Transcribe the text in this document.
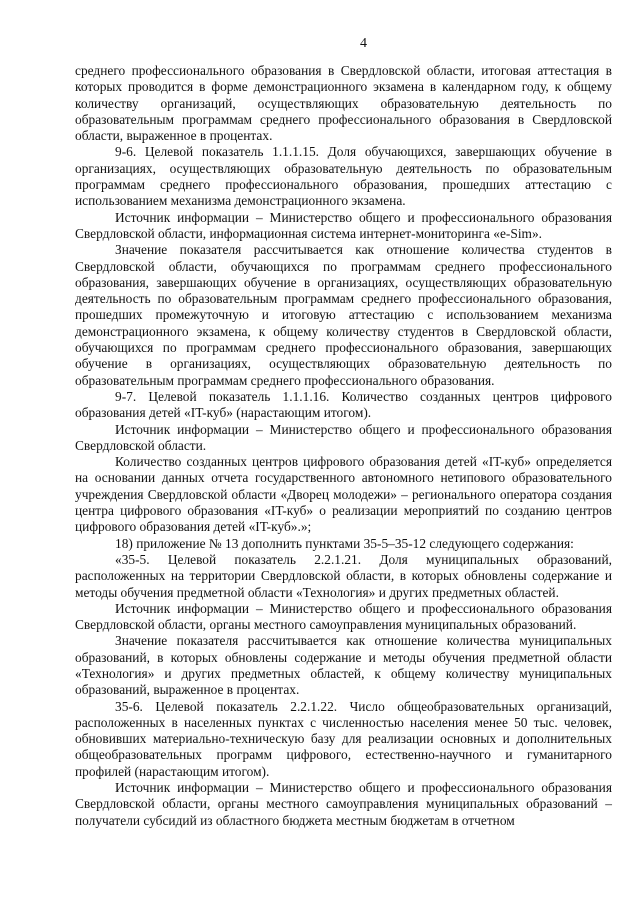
4

среднего профессионального образования в Свердловской области, итоговая аттестация в которых проводится в форме демонстрационного экзамена в календарном году, к общему количеству организаций, осуществляющих образовательную деятельность по образовательным программам среднего профессионального образования в Свердловской области, выраженное в процентах.

9-6. Целевой показатель 1.1.1.15. Доля обучающихся, завершающих обучение в организациях, осуществляющих образовательную деятельность по образовательным программам среднего профессионального образования, прошедших аттестацию с использованием механизма демонстрационного экзамена.

Источник информации – Министерство общего и профессионального образования Свердловской области, информационная система интернет-мониторинга «e-Sim».

Значение показателя рассчитывается как отношение количества студентов в Свердловской области, обучающихся по программам среднего профессионального образования, завершающих обучение в организациях, осуществляющих образовательную деятельность по образовательным программам среднего профессионального образования, прошедших промежуточную и итоговую аттестацию с использованием механизма демонстрационного экзамена, к общему количеству студентов в Свердловской области, обучающихся по программам среднего профессионального образования, завершающих обучение в организациях, осуществляющих образовательную деятельность по образовательным программам среднего профессионального образования.

9-7. Целевой показатель 1.1.1.16. Количество созданных центров цифрового образования детей «IT-куб» (нарастающим итогом).

Источник информации – Министерство общего и профессионального образования Свердловской области.

Количество созданных центров цифрового образования детей «IT-куб» определяется на основании данных отчета государственного автономного нетипового образовательного учреждения Свердловской области «Дворец молодежи» – регионального оператора создания центра цифрового образования «IT-куб» о реализации мероприятий по созданию центров цифрового образования детей «IT-куб».»;

18) приложение № 13 дополнить пунктами 35-5–35-12 следующего содержания:

«35-5. Целевой показатель 2.2.1.21. Доля муниципальных образований, расположенных на территории Свердловской области, в которых обновлены содержание и методы обучения предметной области «Технология» и других предметных областей.

Источник информации – Министерство общего и профессионального образования Свердловской области, органы местного самоуправления муниципальных образований.

Значение показателя рассчитывается как отношение количества муниципальных образований, в которых обновлены содержание и методы обучения предметной области «Технология» и других предметных областей, к общему количеству муниципальных образований, выраженное в процентах.

35-6. Целевой показатель 2.2.1.22. Число общеобразовательных организаций, расположенных в населенных пунктах с численностью населения менее 50 тыс. человек, обновивших материально-техническую базу для реализации основных и дополнительных общеобразовательных программ цифрового, естественно-научного и гуманитарного профилей (нарастающим итогом).

Источник информации – Министерство общего и профессионального образования Свердловской области, органы местного самоуправления муниципальных образований – получатели субсидий из областного бюджета местным бюджетам в отчетном
